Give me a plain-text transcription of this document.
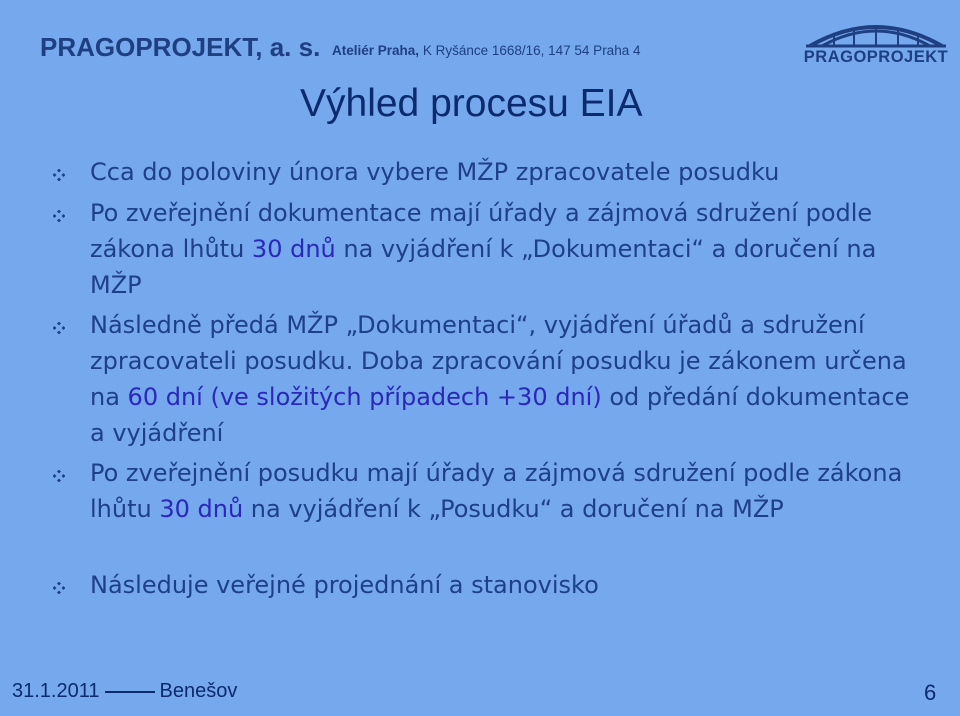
PRAGOPROJEKT, a. s. Ateliér Praha, K Ryšánce 1668/16, 147 54 Praha 4	PRAGOPROJEKT
Výhled procesu EIA
Cca do poloviny února vybere MŽP zpracovatele posudku
Po zveřejnění dokumentace mají úřady a zájmová sdružení podle zákona lhůtu 30 dnů na vyjádření k „Dokumentaci“ a doručení na MŽP
Následně předá MŽP „Dokumentaci“, vyjádření úřadů a sdružení zpracovateli posudku. Doba zpracování posudku je zákonem určena na 60 dní (ve složitých případech +30 dní) od předání dokumentace a vyjádření
Po zveřejnění posudku mají úřady a zájmová sdružení podle zákona lhůtu 30 dnů na vyjádření k „Posudku“ a doručení na MŽP
Následuje veřejné projednání a stanovisko
31.1.2011	Benešov	6
